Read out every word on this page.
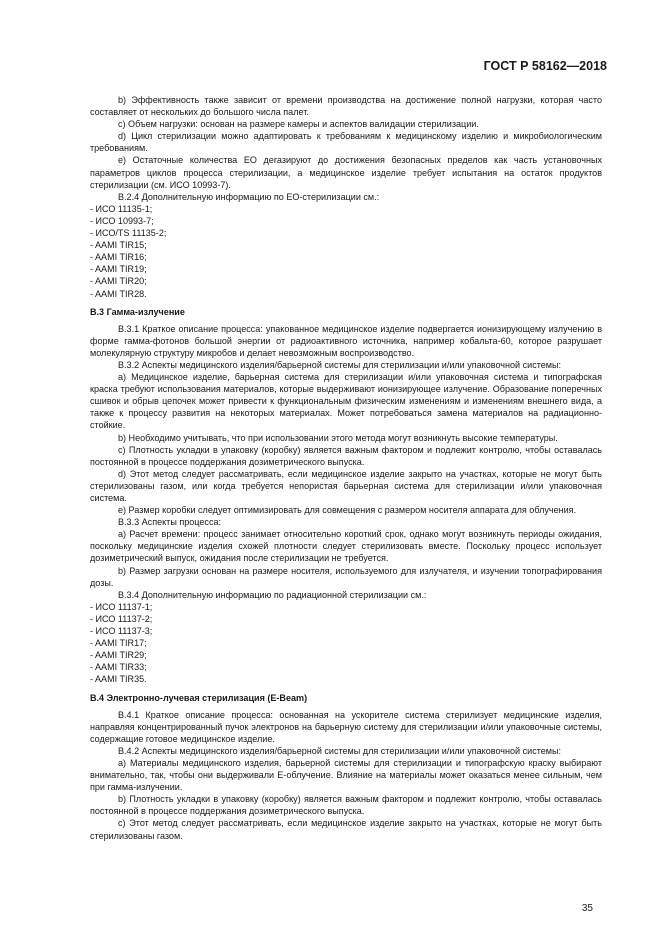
ГОСТ Р 58162—2018

b) Эффективность также зависит от времени производства на достижение полной нагрузки, которая часто составляет от нескольких до большого числа палет.

c) Объем нагрузки: основан на размере камеры и аспектов валидации стерилизации.

d) Цикл стерилизации можно адаптировать к требованиям к медицинскому изделию и микробиологическим требованиям.

e) Остаточные количества ЕО дегазируют до достижения безопасных пределов как часть установочных параметров циклов процесса стерилизации, а медицинское изделие требует испытания на остаток продуктов стерилизации (см. ИСО 10993-7).

В.2.4 Дополнительную информацию по ЕО-стерилизации см.:

- ИСО 11135-1;

- ИСО 10993-7;

- ИСО/TS 11135-2;

- AAMI TIR15;

- AAMI TIR16;

- AAMI TIR19;

- AAMI TIR20;

- AAMI TIR28.

В.3 Гамма-излучение

В.3.1 Краткое описание процесса: упакованное медицинское изделие подвергается ионизирующему излучению в форме гамма-фотонов большой энергии от радиоактивного источника, например кобальта-60, которое разрушает молекулярную структуру микробов и делает невозможным воспроизводство.

В.3.2 Аспекты медицинского изделия/барьерной системы для стерилизации и/или упаковочной системы:

a) Медицинское изделие, барьерная система для стерилизации и/или упаковочная система и типографская краска требуют использования материалов, которые выдерживают ионизирующее излучение. Образование поперечных сшивок и обрыв цепочек может привести к функциональным физическим изменениям и изменениям внешнего вида, а также к процессу развития на некоторых материалах. Может потребоваться замена материалов на радиационно-стойкие.

b) Необходимо учитывать, что при использовании этого метода могут возникнуть высокие температуры.

c) Плотность укладки в упаковку (коробку) является важным фактором и подлежит контролю, чтобы оставалась постоянной в процессе поддержания дозиметрического выпуска.

d) Этот метод следует рассматривать, если медицинское изделие закрыто на участках, которые не могут быть стерилизованы газом, или когда требуется непористая барьерная система для стерилизации и/или упаковочная система.

e) Размер коробки следует оптимизировать для совмещения с размером носителя аппарата для облучения.

В.3.3 Аспекты процесса:

a) Расчет времени: процесс занимает относительно короткий срок, однако могут возникнуть периоды ожидания, поскольку медицинские изделия схожей плотности следует стерилизовать вместе. Поскольку процесс использует дозиметрический выпуск, ожидания после стерилизации не требуется.

b) Размер загрузки основан на размере носителя, используемого для излучателя, и изучении топографирования дозы.

В.3.4 Дополнительную информацию по радиационной стерилизации см.:

- ИСО 11137-1;

- ИСО 11137-2;

- ИСО 11137-3;

- AAMI TIR17;

- AAMI TIR29;

- AAMI TIR33;

- AAMI TIR35.

В.4 Электронно-лучевая стерилизация (E-Beam)

В.4.1 Краткое описание процесса: основанная на ускорителе система стерилизует медицинские изделия, направляя концентрированный пучок электронов на барьерную систему для стерилизации и/или упаковочные системы, содержащие готовое медицинское изделие.

В.4.2 Аспекты медицинского изделия/барьерной системы для стерилизации и/или упаковочной системы:

a) Материалы медицинского изделия, барьерной системы для стерилизации и типографскую краску выбирают внимательно, так, чтобы они выдерживали E-облучение. Влияние на материалы может оказаться менее сильным, чем при гамма-излучении.

b) Плотность укладки в упаковку (коробку) является важным фактором и подлежит контролю, чтобы оставалась постоянной в процессе поддержания дозиметрического выпуска.

c) Этот метод следует рассматривать, если медицинское изделие закрыто на участках, которые не могут быть стерилизованы газом.

35
